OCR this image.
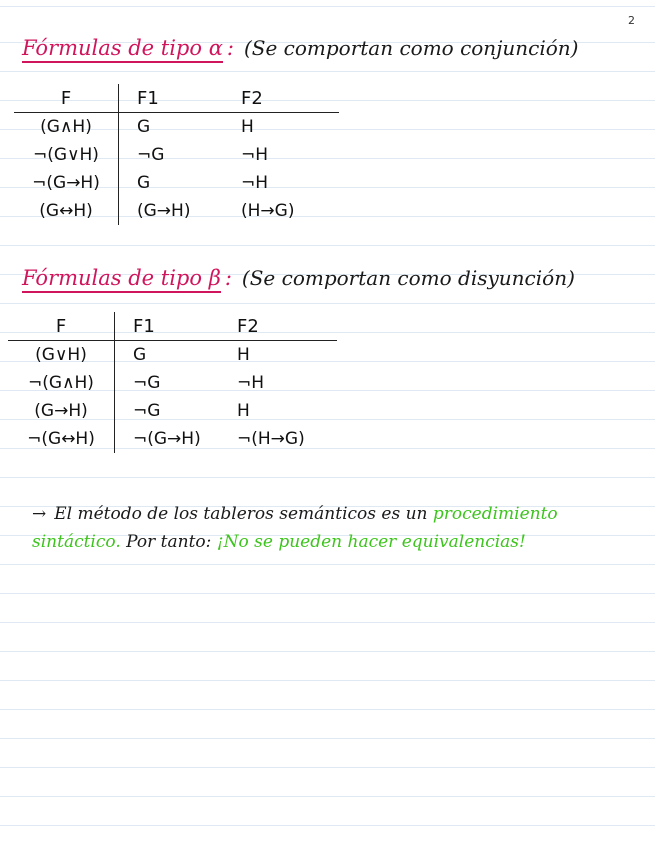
2
Fórmulas de tipo α : (Se comportan como conjunción)
F	F1	F2
(G∧H)	G	H
¬(G∨H)	¬G	¬H
¬(G→H)	G	¬H
(G↔H)	(G→H)	(H→G)
Fórmulas de tipo β : (Se comportan como disyunción)
F	F1	F2
(G∨H)	G	H
¬(G∧H)	¬G	¬H
(G→H)	¬G	H
¬(G↔H)	¬(G→H)	¬(H→G)
→ El método de los tableros semánticos es un procedimiento sintáctico. Por tanto: ¡No se pueden hacer equivalencias!
